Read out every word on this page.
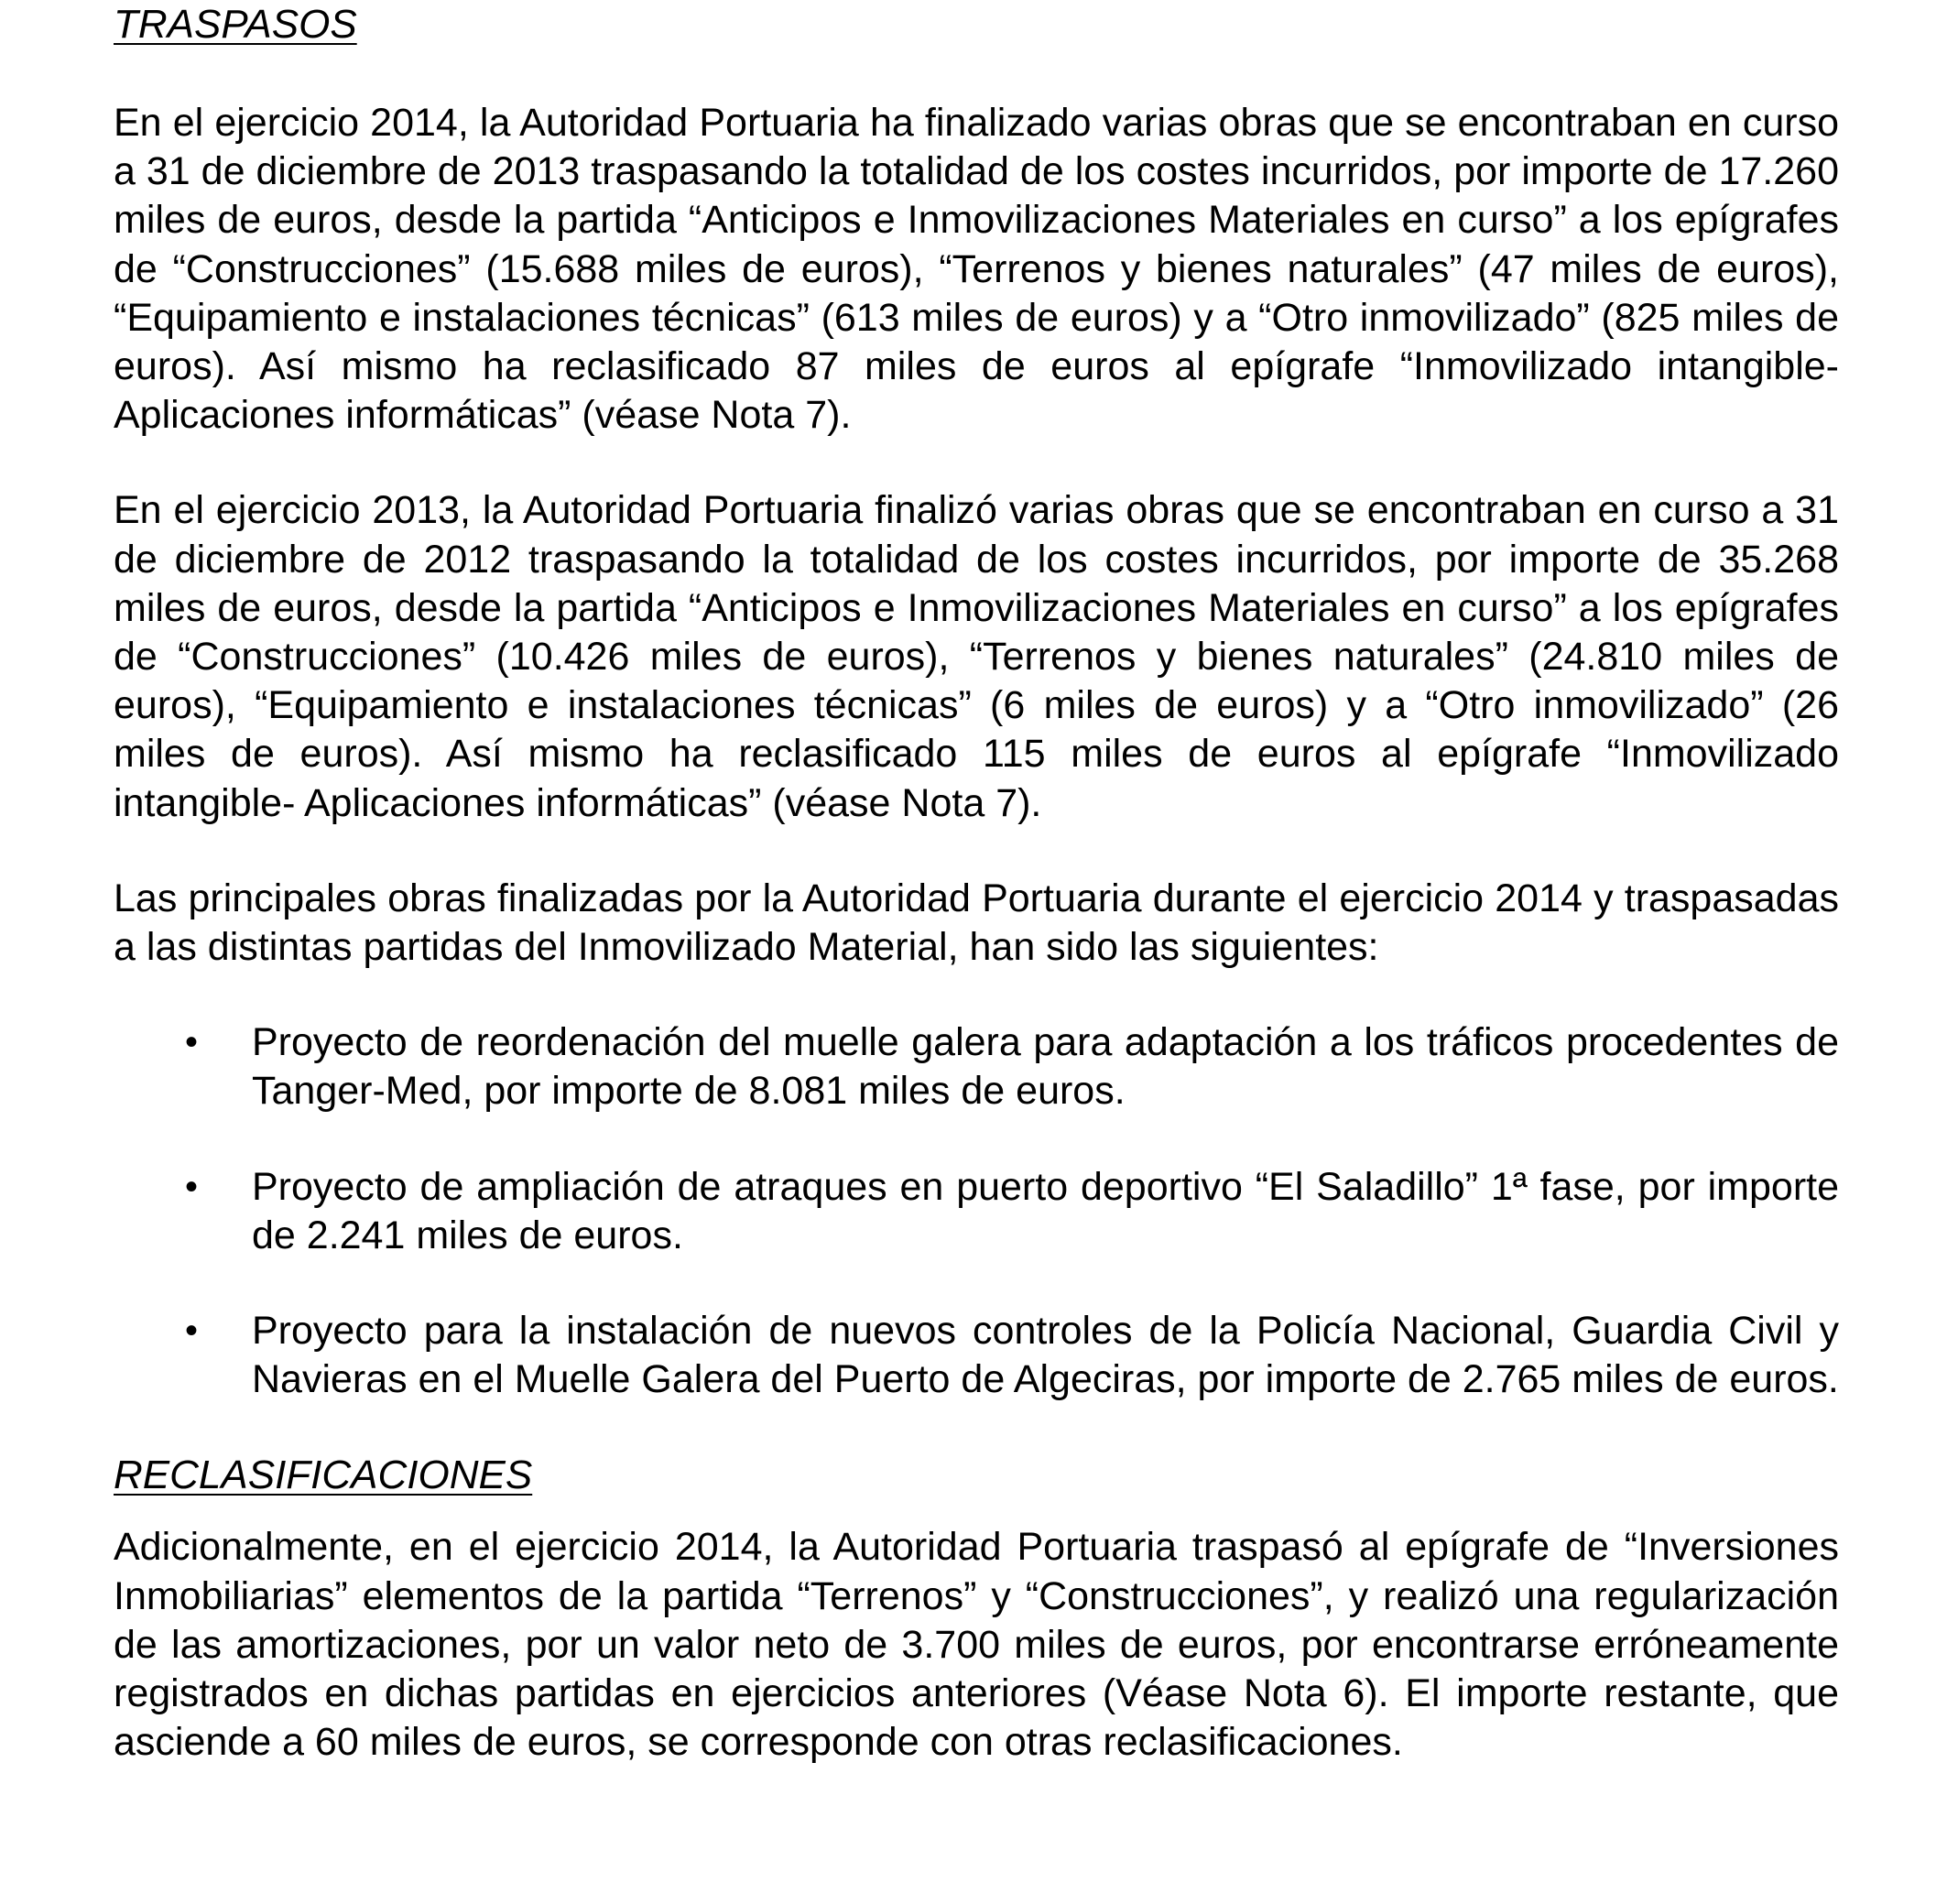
TRASPASOS

En el ejercicio 2014, la Autoridad Portuaria ha finalizado varias obras que se encontraban en curso a 31 de diciembre de 2013 traspasando la totalidad de los costes incurridos, por importe de 17.260 miles de euros, desde la partida “Anticipos e Inmovilizaciones Materiales en curso” a los epígrafes de “Construcciones” (15.688 miles de euros), “Terrenos y bienes naturales” (47 miles de euros), “Equipamiento e instalaciones técnicas” (613 miles de euros) y a “Otro inmovilizado” (825 miles de euros). Así mismo ha reclasificado 87 miles de euros al epígrafe “Inmovilizado intangible- Aplicaciones informáticas” (véase Nota 7).

En el ejercicio 2013, la Autoridad Portuaria finalizó varias obras que se encontraban en curso a 31 de diciembre de 2012 traspasando la totalidad de los costes incurridos, por importe de 35.268 miles de euros, desde la partida “Anticipos e Inmovilizaciones Materiales en curso” a los epígrafes de “Construcciones” (10.426 miles de euros), “Terrenos y bienes naturales” (24.810 miles de euros), “Equipamiento e instalaciones técnicas” (6 miles de euros) y a “Otro inmovilizado” (26 miles de euros). Así mismo ha reclasificado 115 miles de euros al epígrafe “Inmovilizado intangible- Aplicaciones informáticas” (véase Nota 7).

Las principales obras finalizadas por la Autoridad Portuaria durante el ejercicio 2014 y traspasadas a las distintas partidas del Inmovilizado Material, han sido las siguientes:

• Proyecto de reordenación del muelle galera para adaptación a los tráficos procedentes de Tanger-Med, por importe de 8.081 miles de euros.
• Proyecto de ampliación de atraques en puerto deportivo “El Saladillo” 1ª fase, por importe de 2.241 miles de euros.
• Proyecto para la instalación de nuevos controles de la Policía Nacional, Guardia Civil y Navieras en el Muelle Galera del Puerto de Algeciras, por importe de 2.765 miles de euros.

RECLASIFICACIONES

Adicionalmente, en el ejercicio 2014, la Autoridad Portuaria traspasó al epígrafe de “Inversiones Inmobiliarias” elementos de la partida “Terrenos” y “Construcciones”, y realizó una regularización de las amortizaciones, por un valor neto de 3.700 miles de euros, por encontrarse erróneamente registrados en dichas partidas en ejercicios anteriores (Véase Nota 6). El importe restante, que asciende a 60 miles de euros, se corresponde con otras reclasificaciones.
